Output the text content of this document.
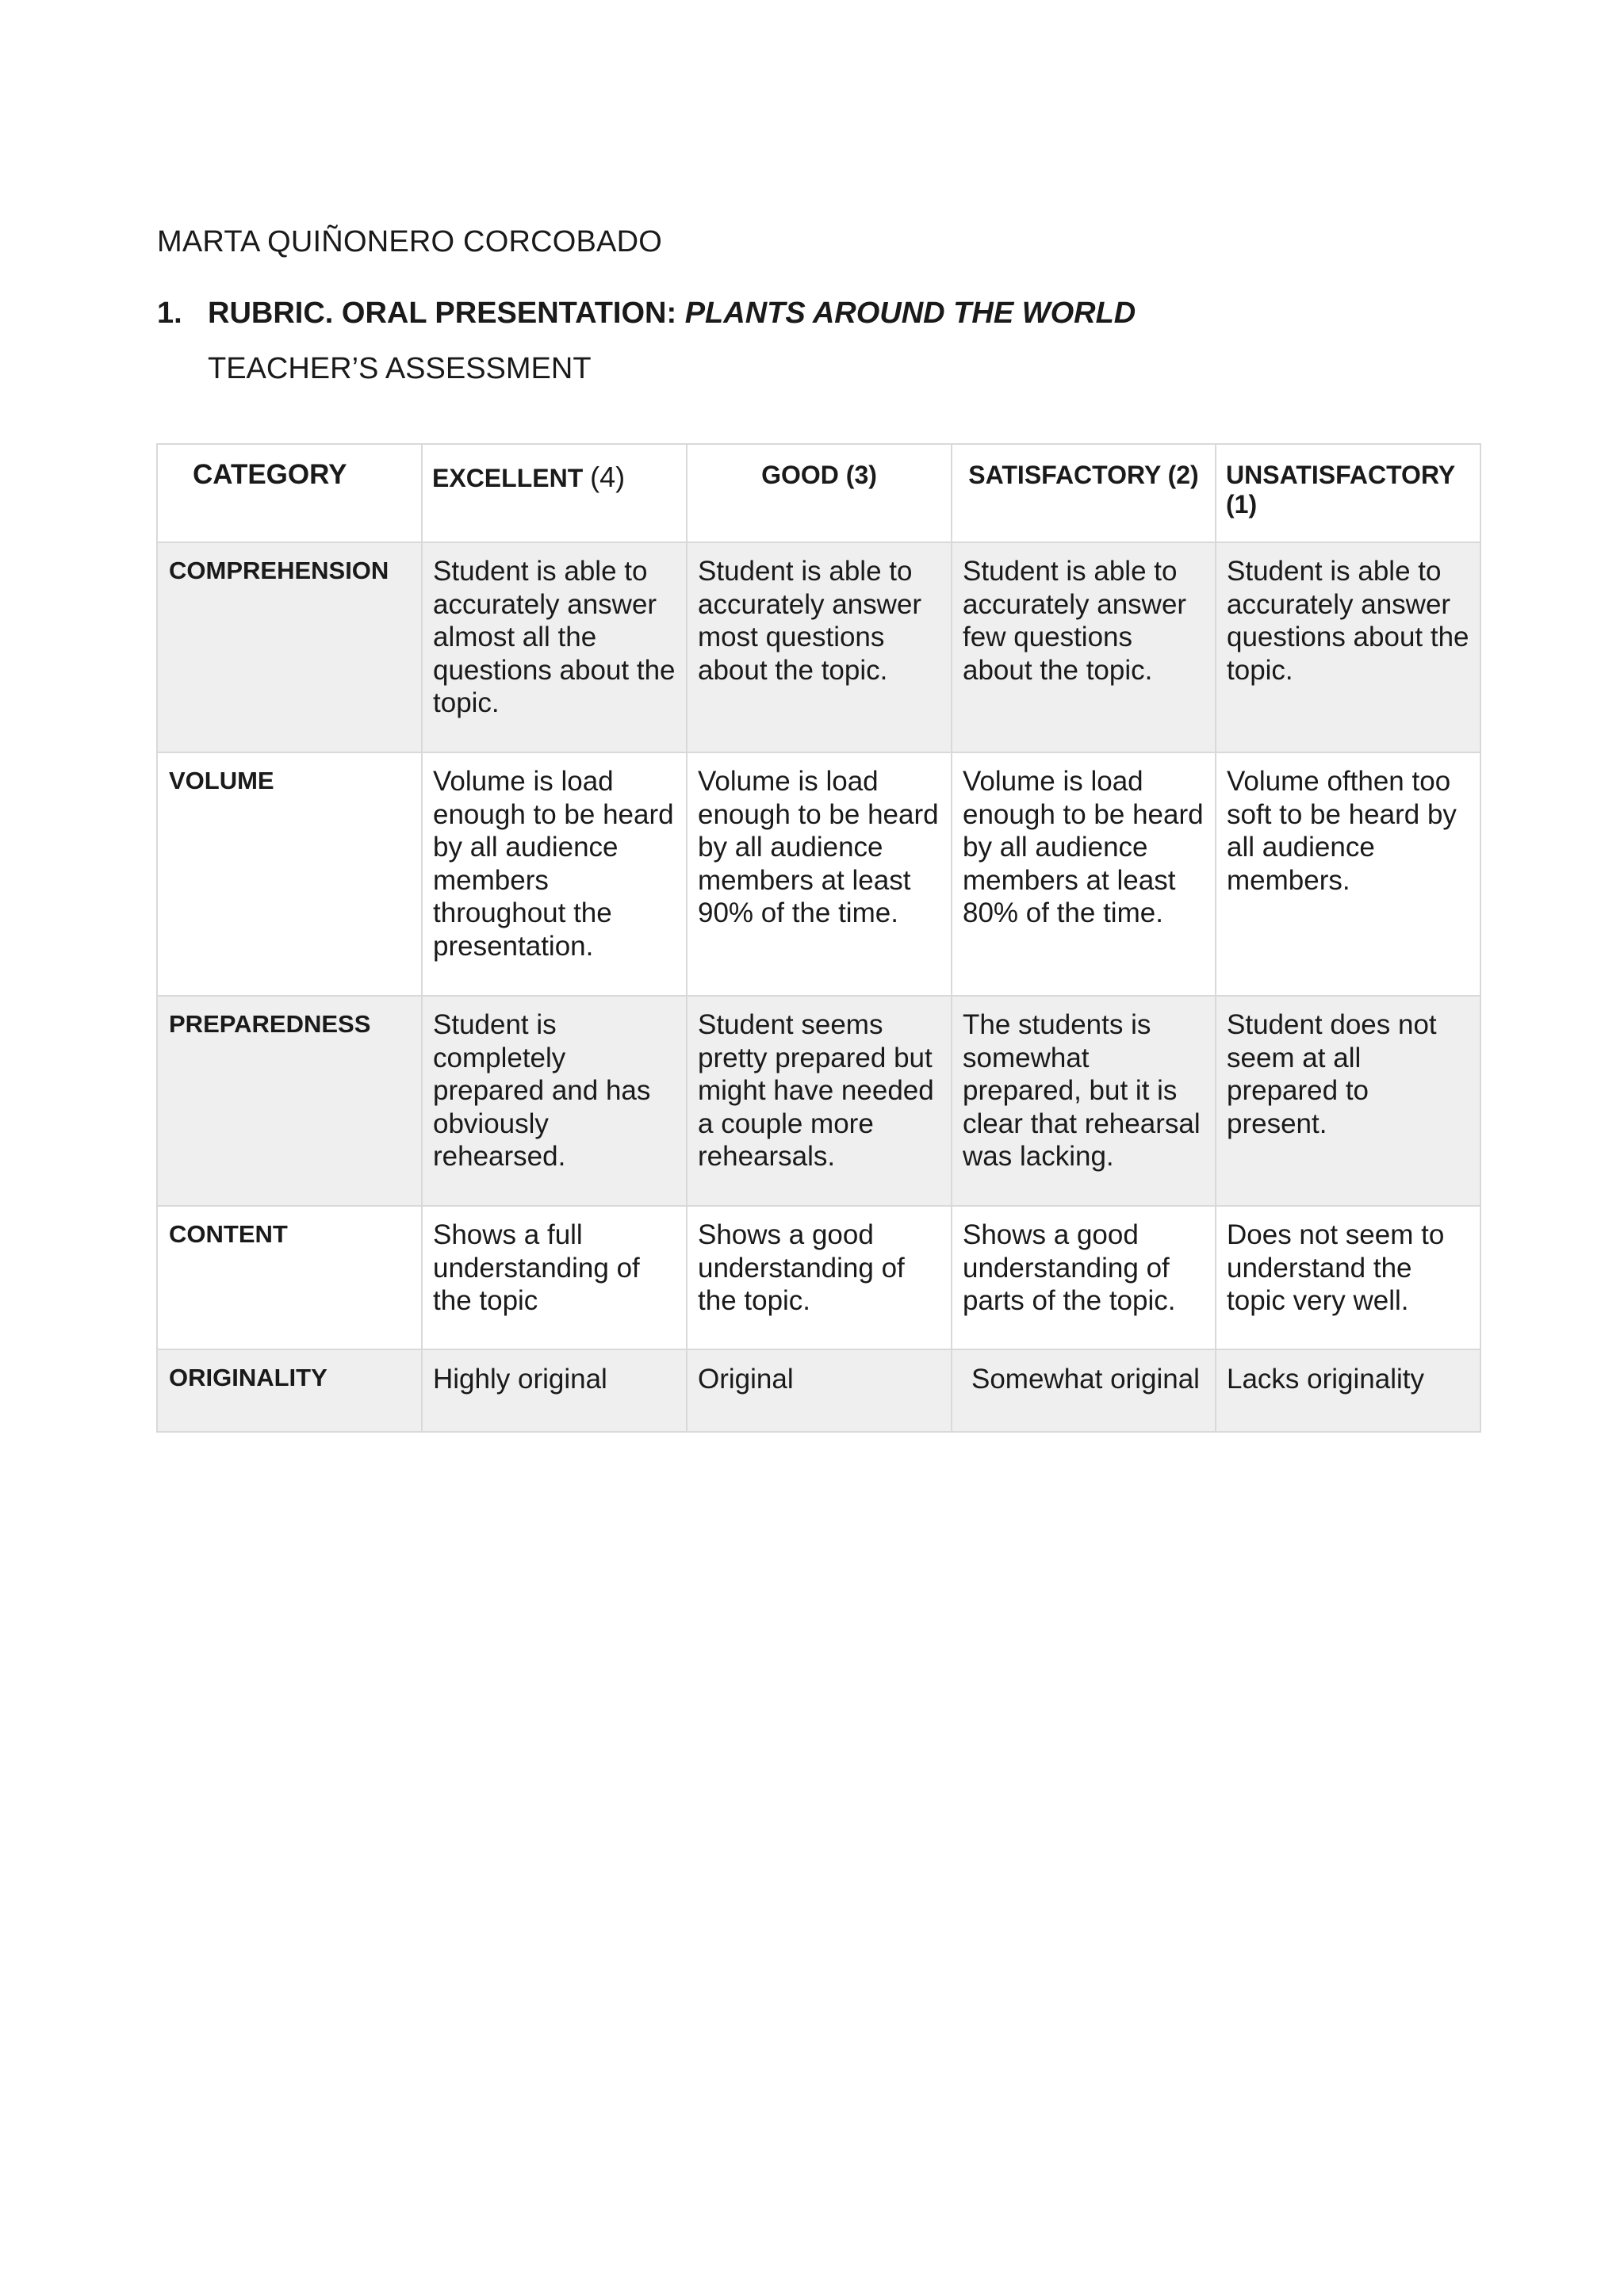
MARTA QUIÑONERO CORCOBADO
1. RUBRIC. ORAL PRESENTATION: PLANTS AROUND THE WORLD
TEACHER’S ASSESSMENT
CATEGORY	EXCELLENT (4)	GOOD (3)	SATISFACTORY (2)	UNSATISFACTORY (1)
COMPREHENSION	Student is able to accurately answer almost all the questions about the topic.	Student is able to accurately answer most questions about the topic.	Student is able to accurately answer few questions about the topic.	Student is able to accurately answer questions about the topic.
VOLUME	Volume is load enough to be heard by all audience members throughout the presentation.	Volume is load enough to be heard by all audience members at least 90% of the time.	Volume is load enough to be heard by all audience members at least 80% of the time.	Volume ofthen too soft to be heard by all audience members.
PREPAREDNESS	Student is completely prepared and has obviously rehearsed.	Student seems pretty prepared but might have needed a couple more rehearsals.	The students is somewhat prepared, but it is clear that rehearsal was lacking.	Student does not seem at all prepared to present.
CONTENT	Shows a full understanding of the topic	Shows a good understanding of the topic.	Shows a good understanding of parts of the topic.	Does not seem to understand the topic very well.
ORIGINALITY	Highly original	Original	Somewhat original	Lacks originality
